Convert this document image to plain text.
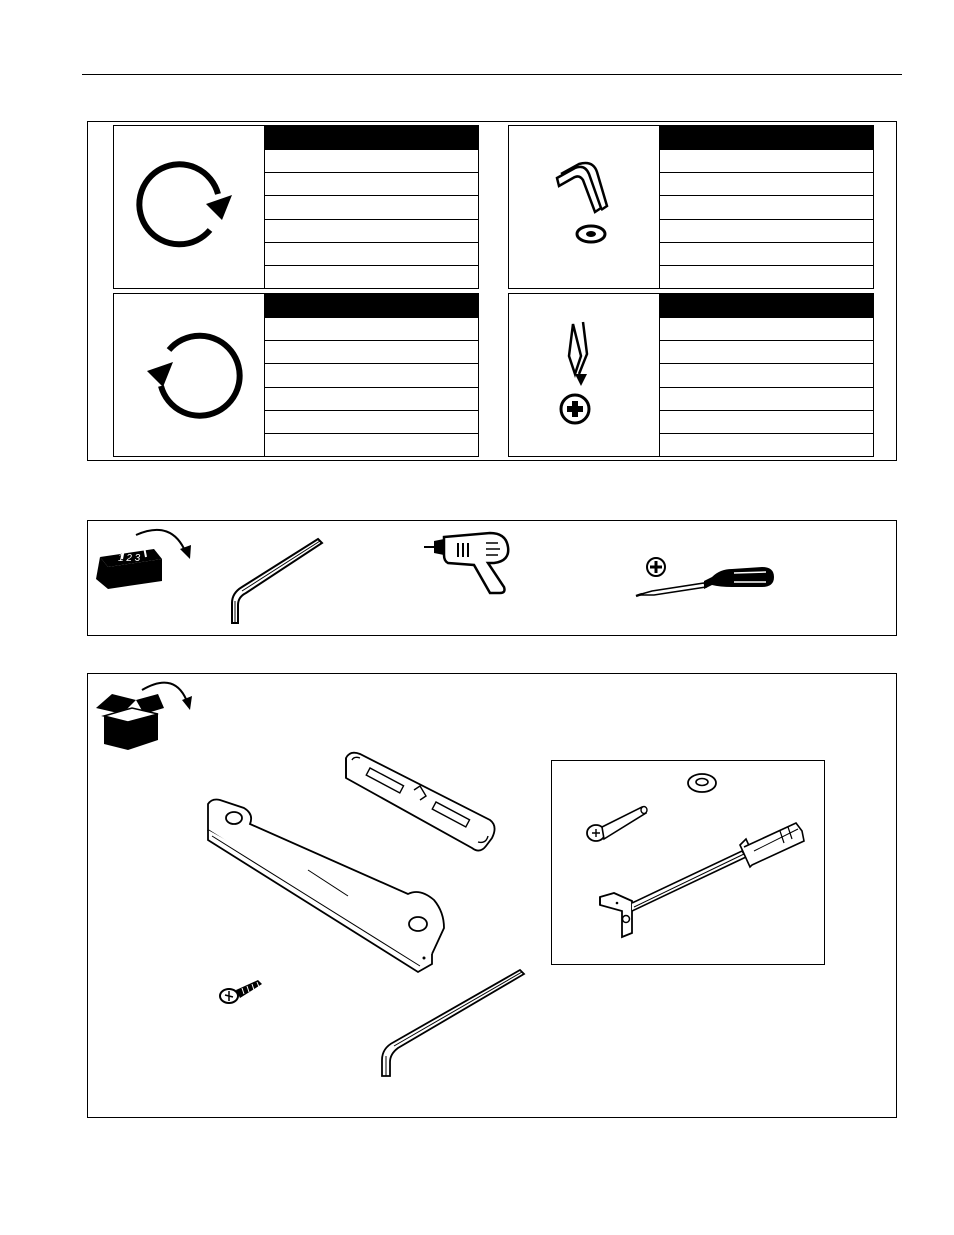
1 2 3
